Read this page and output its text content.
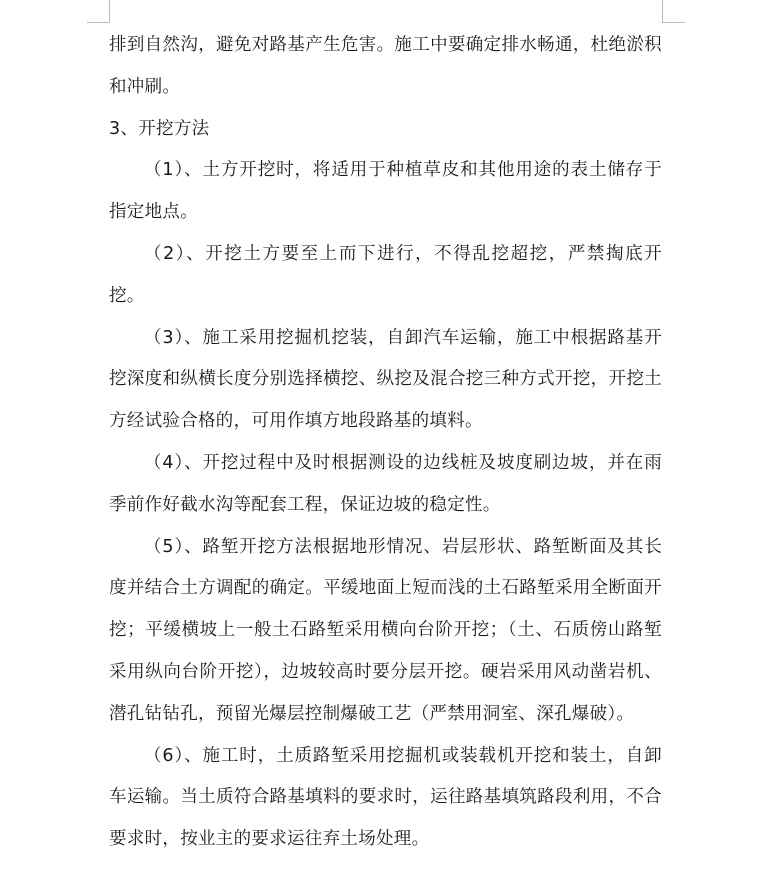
排到自然沟，避免对路基产生危害。施工中要确定排水畅通，杜绝淤积和冲刷。

3、开挖方法

（1）、土方开挖时，将适用于种植草皮和其他用途的表土储存于指定地点。

（2）、开挖土方要至上而下进行，不得乱挖超挖，严禁掏底开挖。

（3）、施工采用挖掘机挖装，自卸汽车运输，施工中根据路基开挖深度和纵横长度分别选择横挖、纵挖及混合挖三种方式开挖，开挖土方经试验合格的，可用作填方地段路基的填料。

（4）、开挖过程中及时根据测设的边线桩及坡度刷边坡，并在雨季前作好截水沟等配套工程，保证边坡的稳定性。

（5）、路堑开挖方法根据地形情况、岩层形状、路堑断面及其长度并结合土方调配的确定。平缓地面上短而浅的土石路堑采用全断面开挖；平缓横坡上一般土石路堑采用横向台阶开挖；（土、石质傍山路堑采用纵向台阶开挖），边坡较高时要分层开挖。硬岩采用风动凿岩机、潜孔钻钻孔，预留光爆层控制爆破工艺（严禁用洞室、深孔爆破）。

（6）、施工时，土质路堑采用挖掘机或装载机开挖和装土，自卸车运输。当土质符合路基填料的要求时，运往路基填筑路段利用，不合要求时，按业主的要求运往弃土场处理。
